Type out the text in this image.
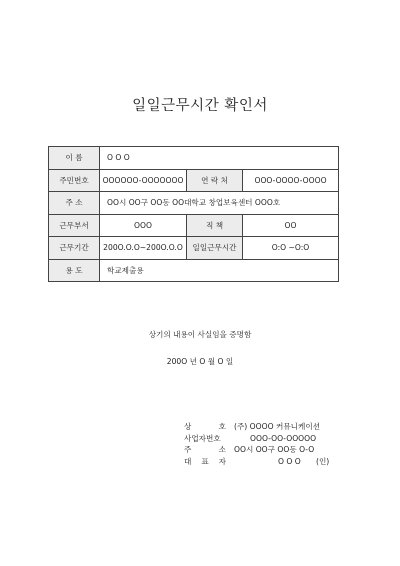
일일근무시간 확인서
이 름	O O O		
주민번호	OOOOOO-OOOOOOO	연 락 처	OOO-OOOO-OOOO
주 소	OO시 OO구 OO동 OO대학교 창업보육센터 OOO호		
근무부서	OOO	직 책	OO
근무기간	200O.O.O~200O.O.O	일일근무시간	O:O ~O:O
용 도	학교제출용		
상기의 내용이 사실임을 증명함
200O 년 O 월 O 일
상 호 (주) OOOO 커뮤니케이션
사업자번호	OOO-OO-OOOOO
주 소 OO시 OO구 OO동 O-O
대 표 자	O O O (인)
